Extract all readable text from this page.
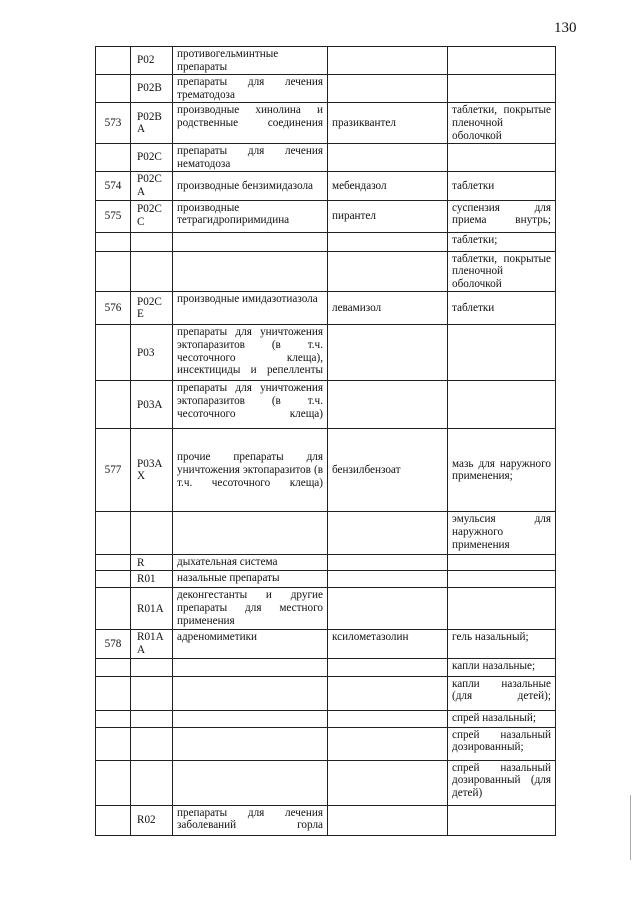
130
	P02	противогельминтные препараты		
	P02B	препараты для лечения трематодоза		
573	P02B А	производные хинолина и родственные соединения	празиквантел	таблетки, покрытые пленочной оболочкой
	P02C	препараты для лечения нематодоза		
574	P02C А	производные бензимидазола	мебендазол	таблетки
575	P02C С	производные тетрагидропиримидина	пирантел	суспензия для приема внутрь;
				таблетки;
				таблетки, покрытые пленочной оболочкой
576	P02C Е	производные имидазотиазола	левамизол	таблетки
	P03	препараты для уничтожения эктопаразитов (в т.ч. чесоточного клеща), инсектициды и репелленты		
	P03A	препараты для уничтожения эктопаразитов (в т.ч. чесоточного клеща)		
577	P03A Х	прочие препараты для уничтожения эктопаразитов (в т.ч. чесоточного клеща)	бензилбензоат	мазь для наружного применения;
				эмульсия для наружного применения
	R	дыхательная система		
	R01	назальные препараты		
	R01A	деконгестанты и другие препараты для местного применения		
578	R01A А	адреномиметики	ксилометазолин	гель назальный;
				капли назальные;
				капли назальные (для детей);
				спрей назальный;
				спрей назальный дозированный;
				спрей назальный дозированный (для детей)
	R02	препараты для лечения заболеваний горла		
